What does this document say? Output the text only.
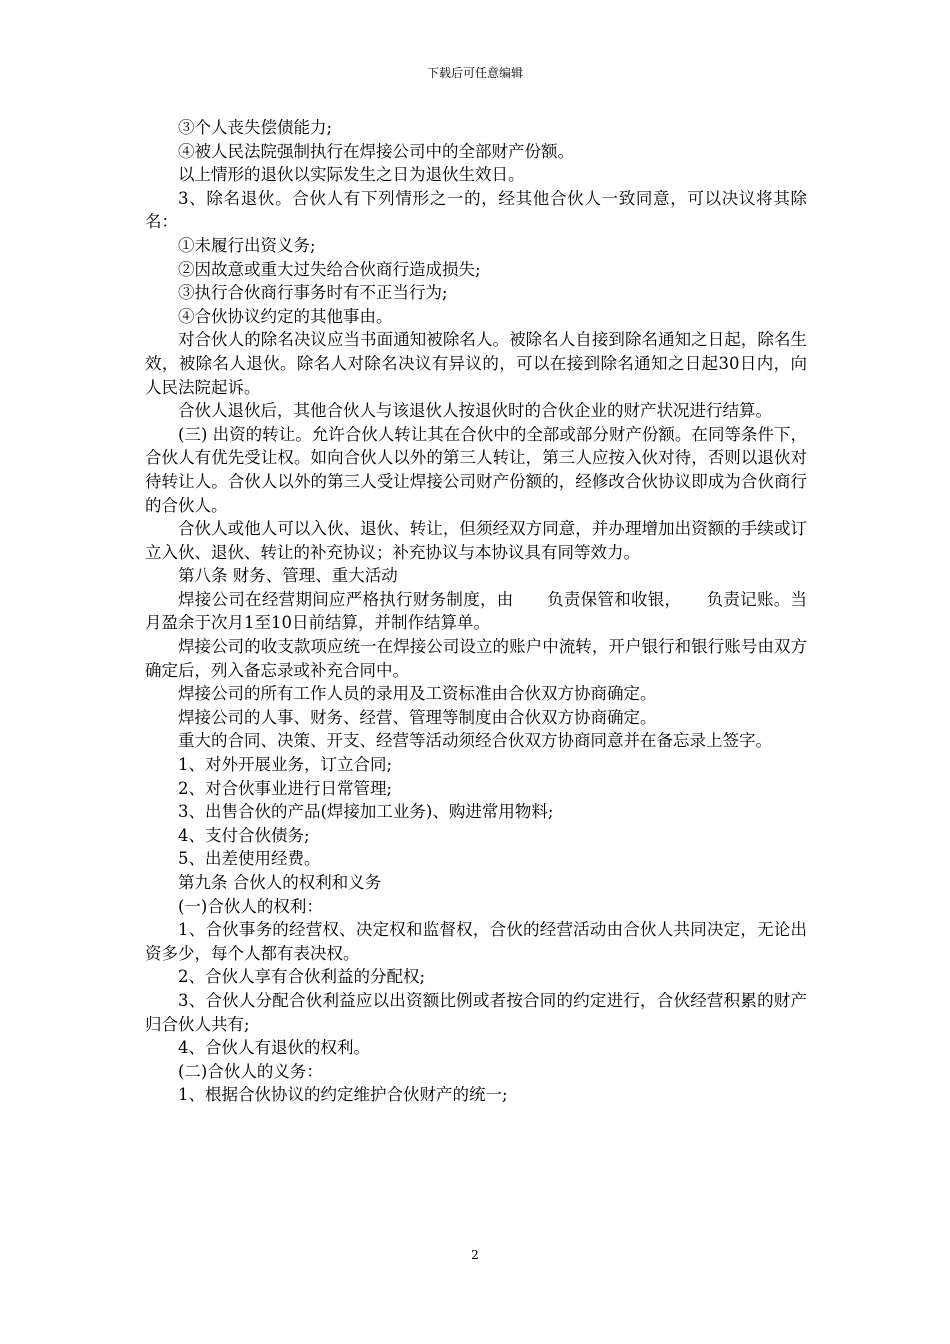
下载后可任意编辑

③个人丧失偿债能力;

④被人民法院强制执行在焊接公司中的全部财产份额。

以上情形的退伙以实际发生之日为退伙生效日。

3、除名退伙。合伙人有下列情形之一的，经其他合伙人一致同意，可以决议将其除名：

①未履行出资义务;

②因故意或重大过失给合伙商行造成损失;

③执行合伙商行事务时有不正当行为;

④合伙协议约定的其他事由。

对合伙人的除名决议应当书面通知被除名人。被除名人自接到除名通知之日起，除名生效，被除名人退伙。除名人对除名决议有异议的，可以在接到除名通知之日起30日内，向人民法院起诉。

合伙人退伙后，其他合伙人与该退伙人按退伙时的合伙企业的财产状况进行结算。

(三) 出资的转让。允许合伙人转让其在合伙中的全部或部分财产份额。在同等条件下，合伙人有优先受让权。如向合伙人以外的第三人转让，第三人应按入伙对待，否则以退伙对待转让人。合伙人以外的第三人受让焊接公司财产份额的，经修改合伙协议即成为合伙商行的合伙人。

合伙人或他人可以入伙、退伙、转让，但须经双方同意，并办理增加出资额的手续或订立入伙、退伙、转让的补充协议；补充协议与本协议具有同等效力。

第八条 财务、管理、重大活动

焊接公司在经营期间应严格执行财务制度，由　　负责保管和收银，　　负责记账。当月盈余于次月1至10日前结算，并制作结算单。

焊接公司的收支款项应统一在焊接公司设立的账户中流转，开户银行和银行账号由双方确定后，列入备忘录或补充合同中。

焊接公司的所有工作人员的录用及工资标准由合伙双方协商确定。

焊接公司的人事、财务、经营、管理等制度由合伙双方协商确定。

重大的合同、决策、开支、经营等活动须经合伙双方协商同意并在备忘录上签字。

1、对外开展业务，订立合同;

2、对合伙事业进行日常管理;

3、出售合伙的产品(焊接加工业务)、购进常用物料;

4、支付合伙债务;

5、出差使用经费。

第九条 合伙人的权利和义务

(一)合伙人的权利：

1、合伙事务的经营权、决定权和监督权，合伙的经营活动由合伙人共同决定，无论出资多少，每个人都有表决权。

2、合伙人享有合伙利益的分配权;

3、合伙人分配合伙利益应以出资额比例或者按合同的约定进行，合伙经营积累的财产归合伙人共有;

4、合伙人有退伙的权利。

(二)合伙人的义务：

1、根据合伙协议的约定维护合伙财产的统一;

2
